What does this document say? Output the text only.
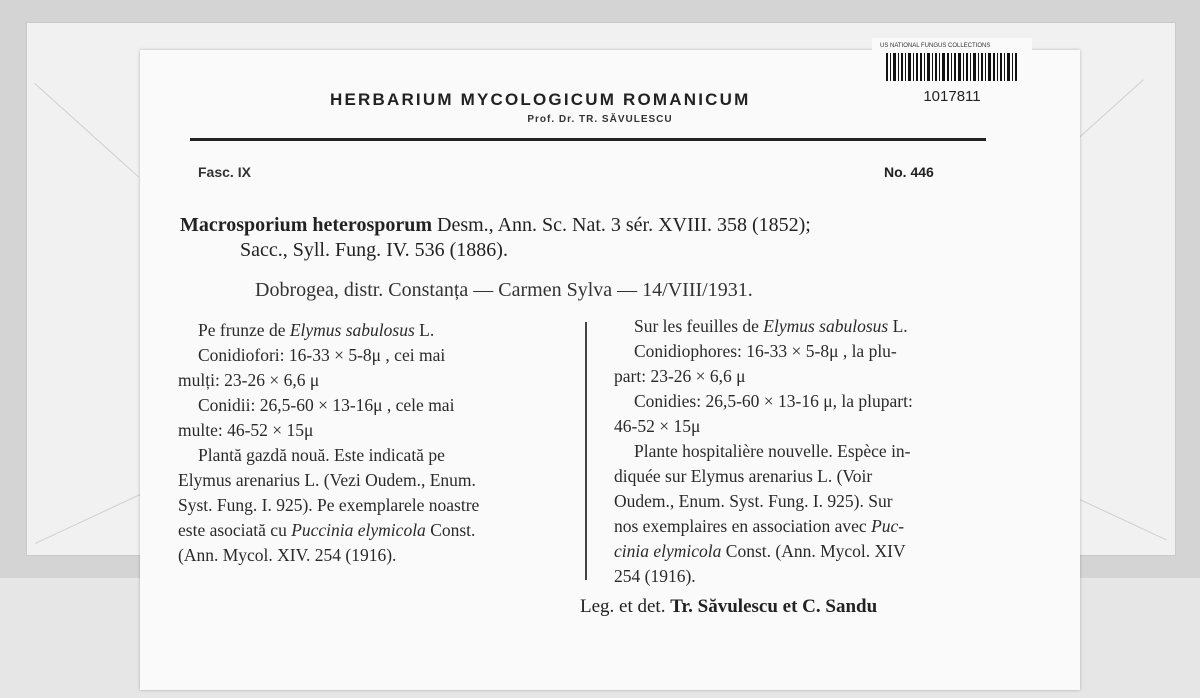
US NATIONAL FUNGUS COLLECTIONS
1017811
HERBARIUM MYCOLOGICUM ROMANICUM
Prof. Dr. TR. SĂVULESCU
Fasc. IX	No. 446
Macrosporium heterosporum Desm., Ann. Sc. Nat. 3 sér. XVIII. 358 (1852);
Sacc., Syll. Fung. IV. 536 (1886).
Dobrogea, distr. Constanța — Carmen Sylva — 14/VIII/1931.

Pe frunze de Elymus sabulosus L.

Conidiofori: 16-33 × 5-8μ , cei mai

mulți: 23-26 × 6,6 μ

Conidii: 26,5-60 × 13-16μ , cele mai

multe: 46-52 × 15μ

Plantă gazdă nouă. Este indicată pe

Elymus arenarius L. (Vezi Oudem., Enum.

Syst. Fung. I. 925). Pe exemplarele noastre

este asociată cu Puccinia elymicola Const.

(Ann. Mycol. XIV. 254 (1916).

Sur les feuilles de Elymus sabulosus L.

Conidiophores: 16-33 × 5-8μ , la plu-

part: 23-26 × 6,6 μ

Conidies: 26,5-60 × 13-16 μ, la plupart:

46-52 × 15μ

Plante hospitalière nouvelle. Espèce in-

diquée sur Elymus arenarius L. (Voir

Oudem., Enum. Syst. Fung. I. 925). Sur

nos exemplaires en association avec Puc-

cinia elymicola Const. (Ann. Mycol. XIV

254 (1916).

Leg. et det. Tr. Săvulescu et C. Sandu
